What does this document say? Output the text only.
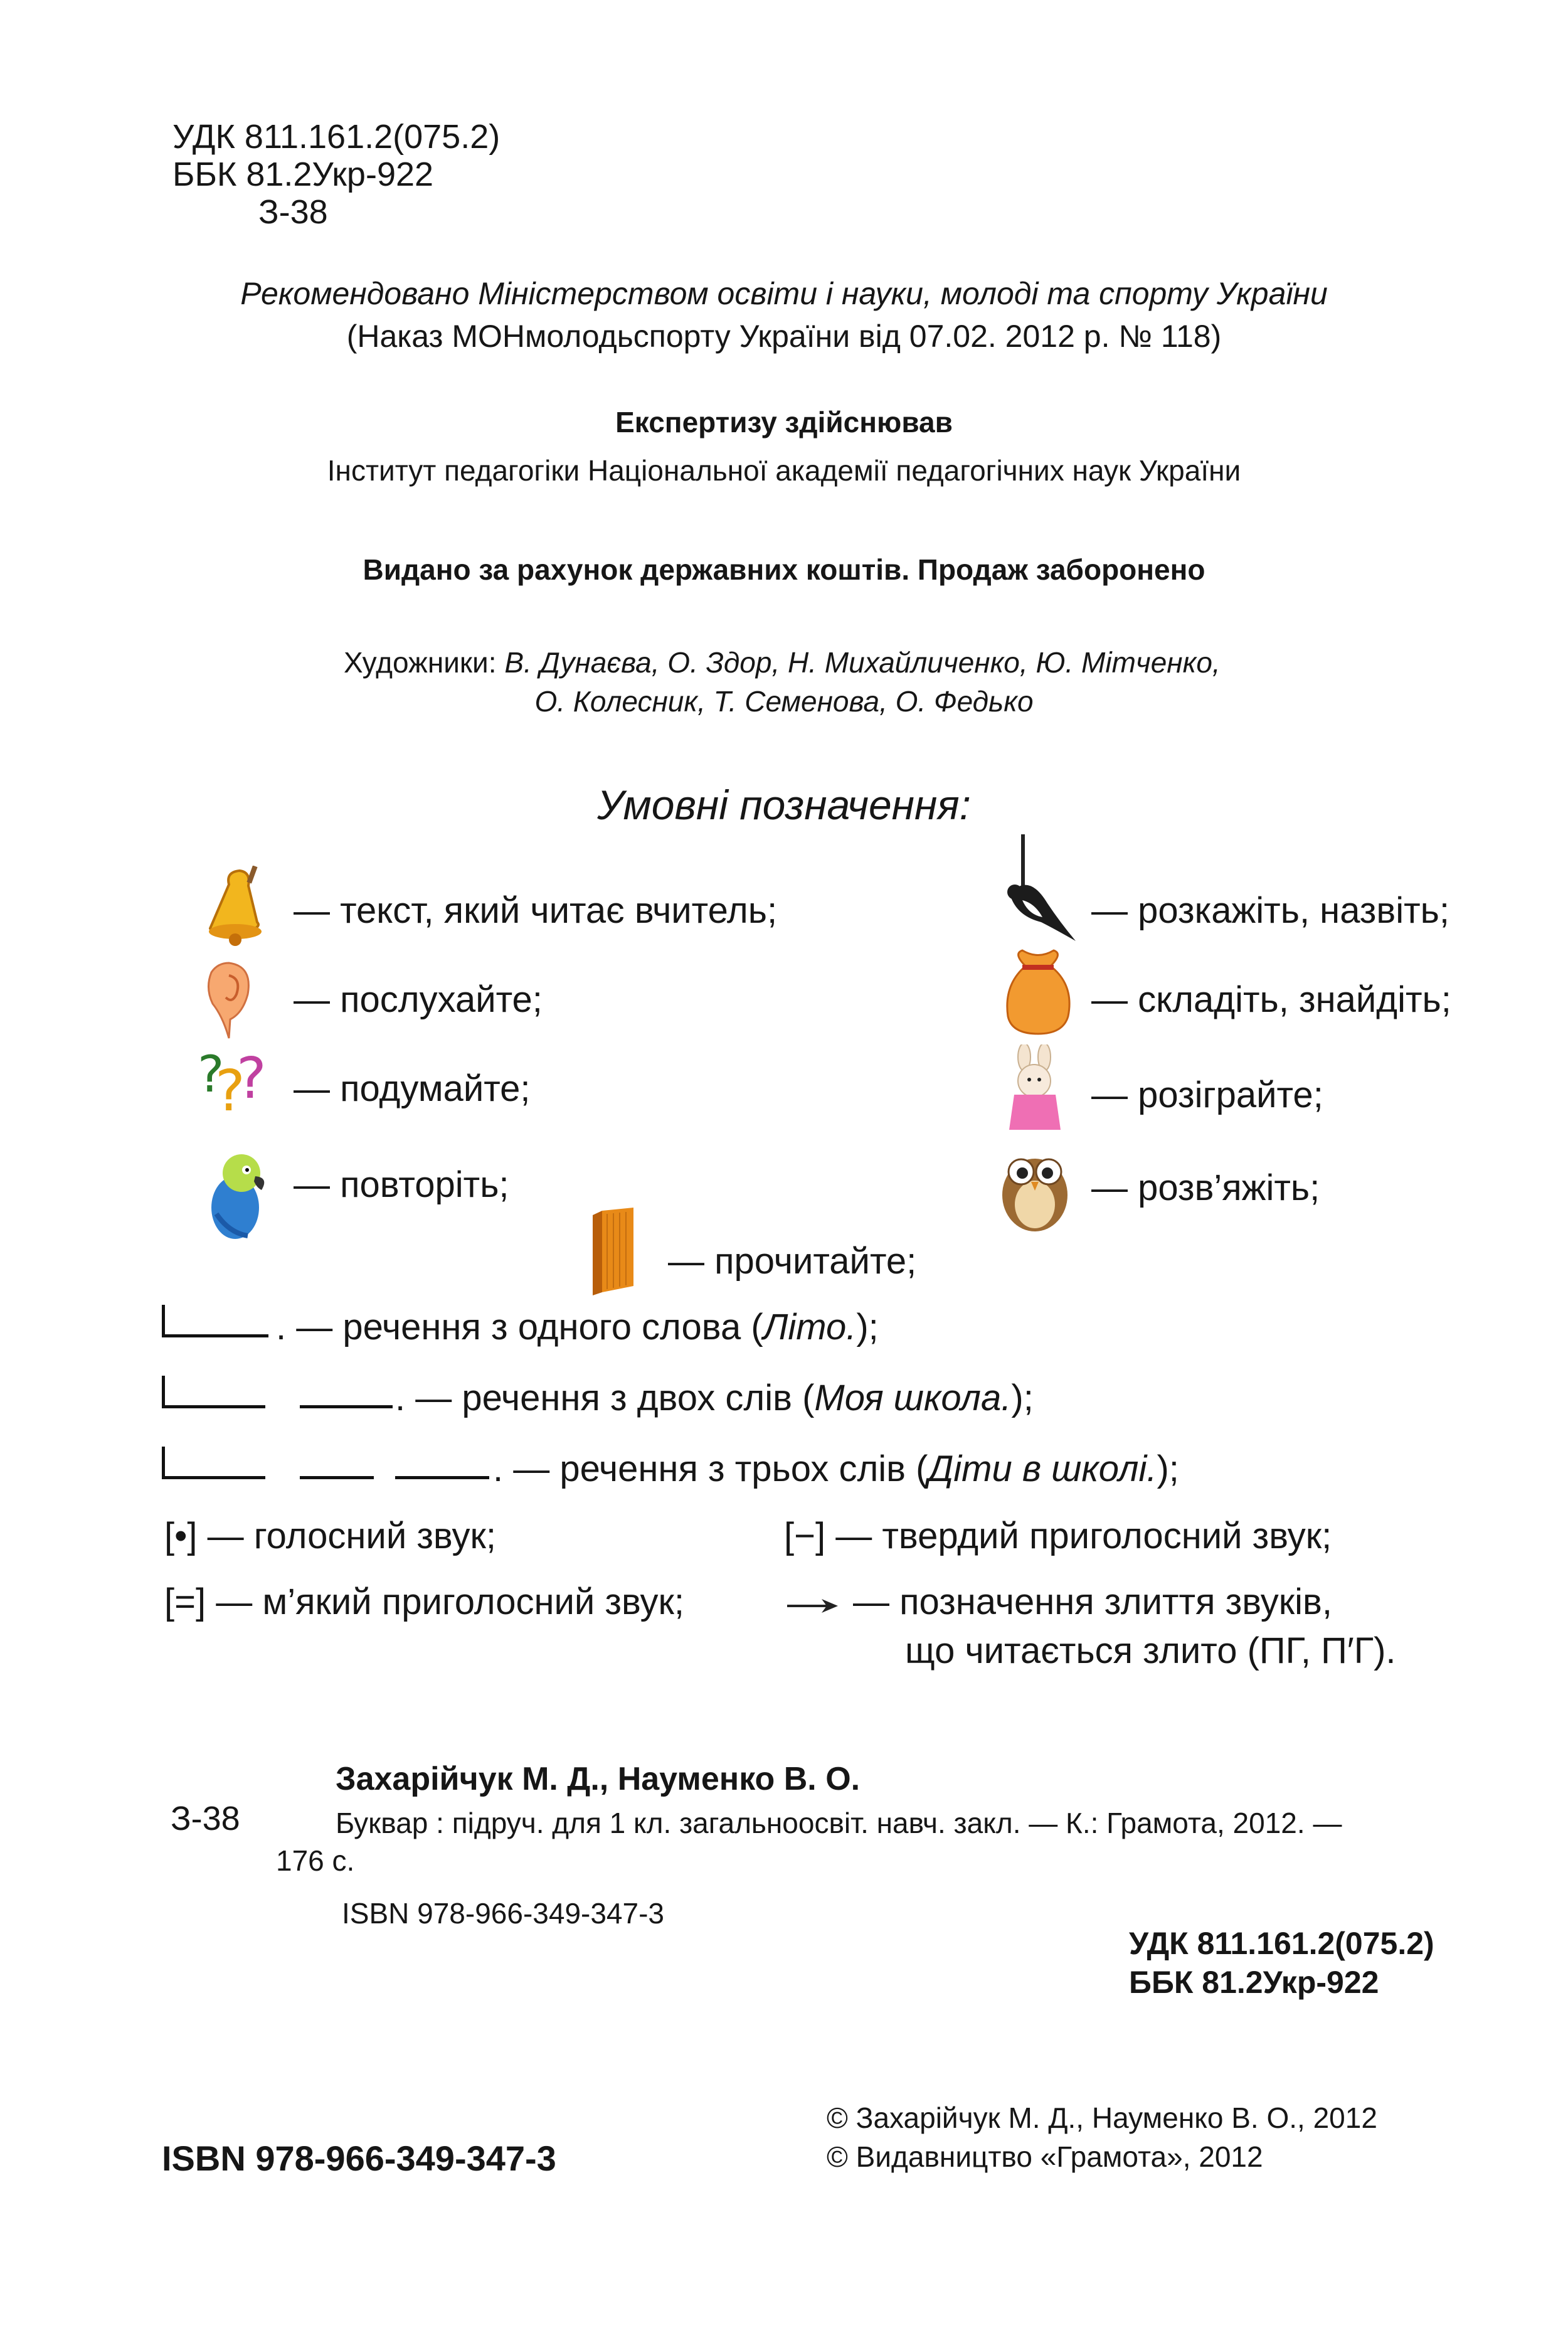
УДК 811.161.2(075.2)
ББК 81.2Укр-922
З-38
Рекомендовано Міністерством освіти і науки, молоді та спорту України
(Наказ МОНмолодьспорту України від 07.02. 2012 р. № 118)
Експертизу здійснював
Інститут педагогіки Національної академії педагогічних наук України
Видано за рахунок державних коштів. Продаж заборонено
Художники: В. Дунаєва, О. Здор, Н. Михайличенко, Ю. Мітченко,
О. Колесник, Т. Семенова, О. Федько
Умовні позначення:
?
?
?
— текст, який читає вчитель;
— послухайте;
— подумайте;
— повторіть;
— розкажіть, назвіть;
— складіть, знайдіть;
— розіграйте;
— розв’яжіть;
— прочитайте;
. — речення з одного слова (Літо.);
. — речення з двох слів (Моя школа.);
. — речення з трьох слів (Діти в школі.);
[•] — голосний звук;	[−] — твердий приголосний звук;
[=] — м’який приголосний звук;	— позначення злиття звуків,
що читається злито (ПГ, П′Г).
Захарійчук М. Д., Науменко В. О.
З-38	Буквар : підруч. для 1 кл. загальноосвіт. навч. закл. — К.: Грамота, 2012. —
176 с.
ISBN 978-966-349-347-3
УДК 811.161.2(075.2)
ББК 81.2Укр-922
ISBN 978-966-349-347-3
© Захарійчук М. Д., Науменко В. О., 2012
© Видавництво «Грамота», 2012
